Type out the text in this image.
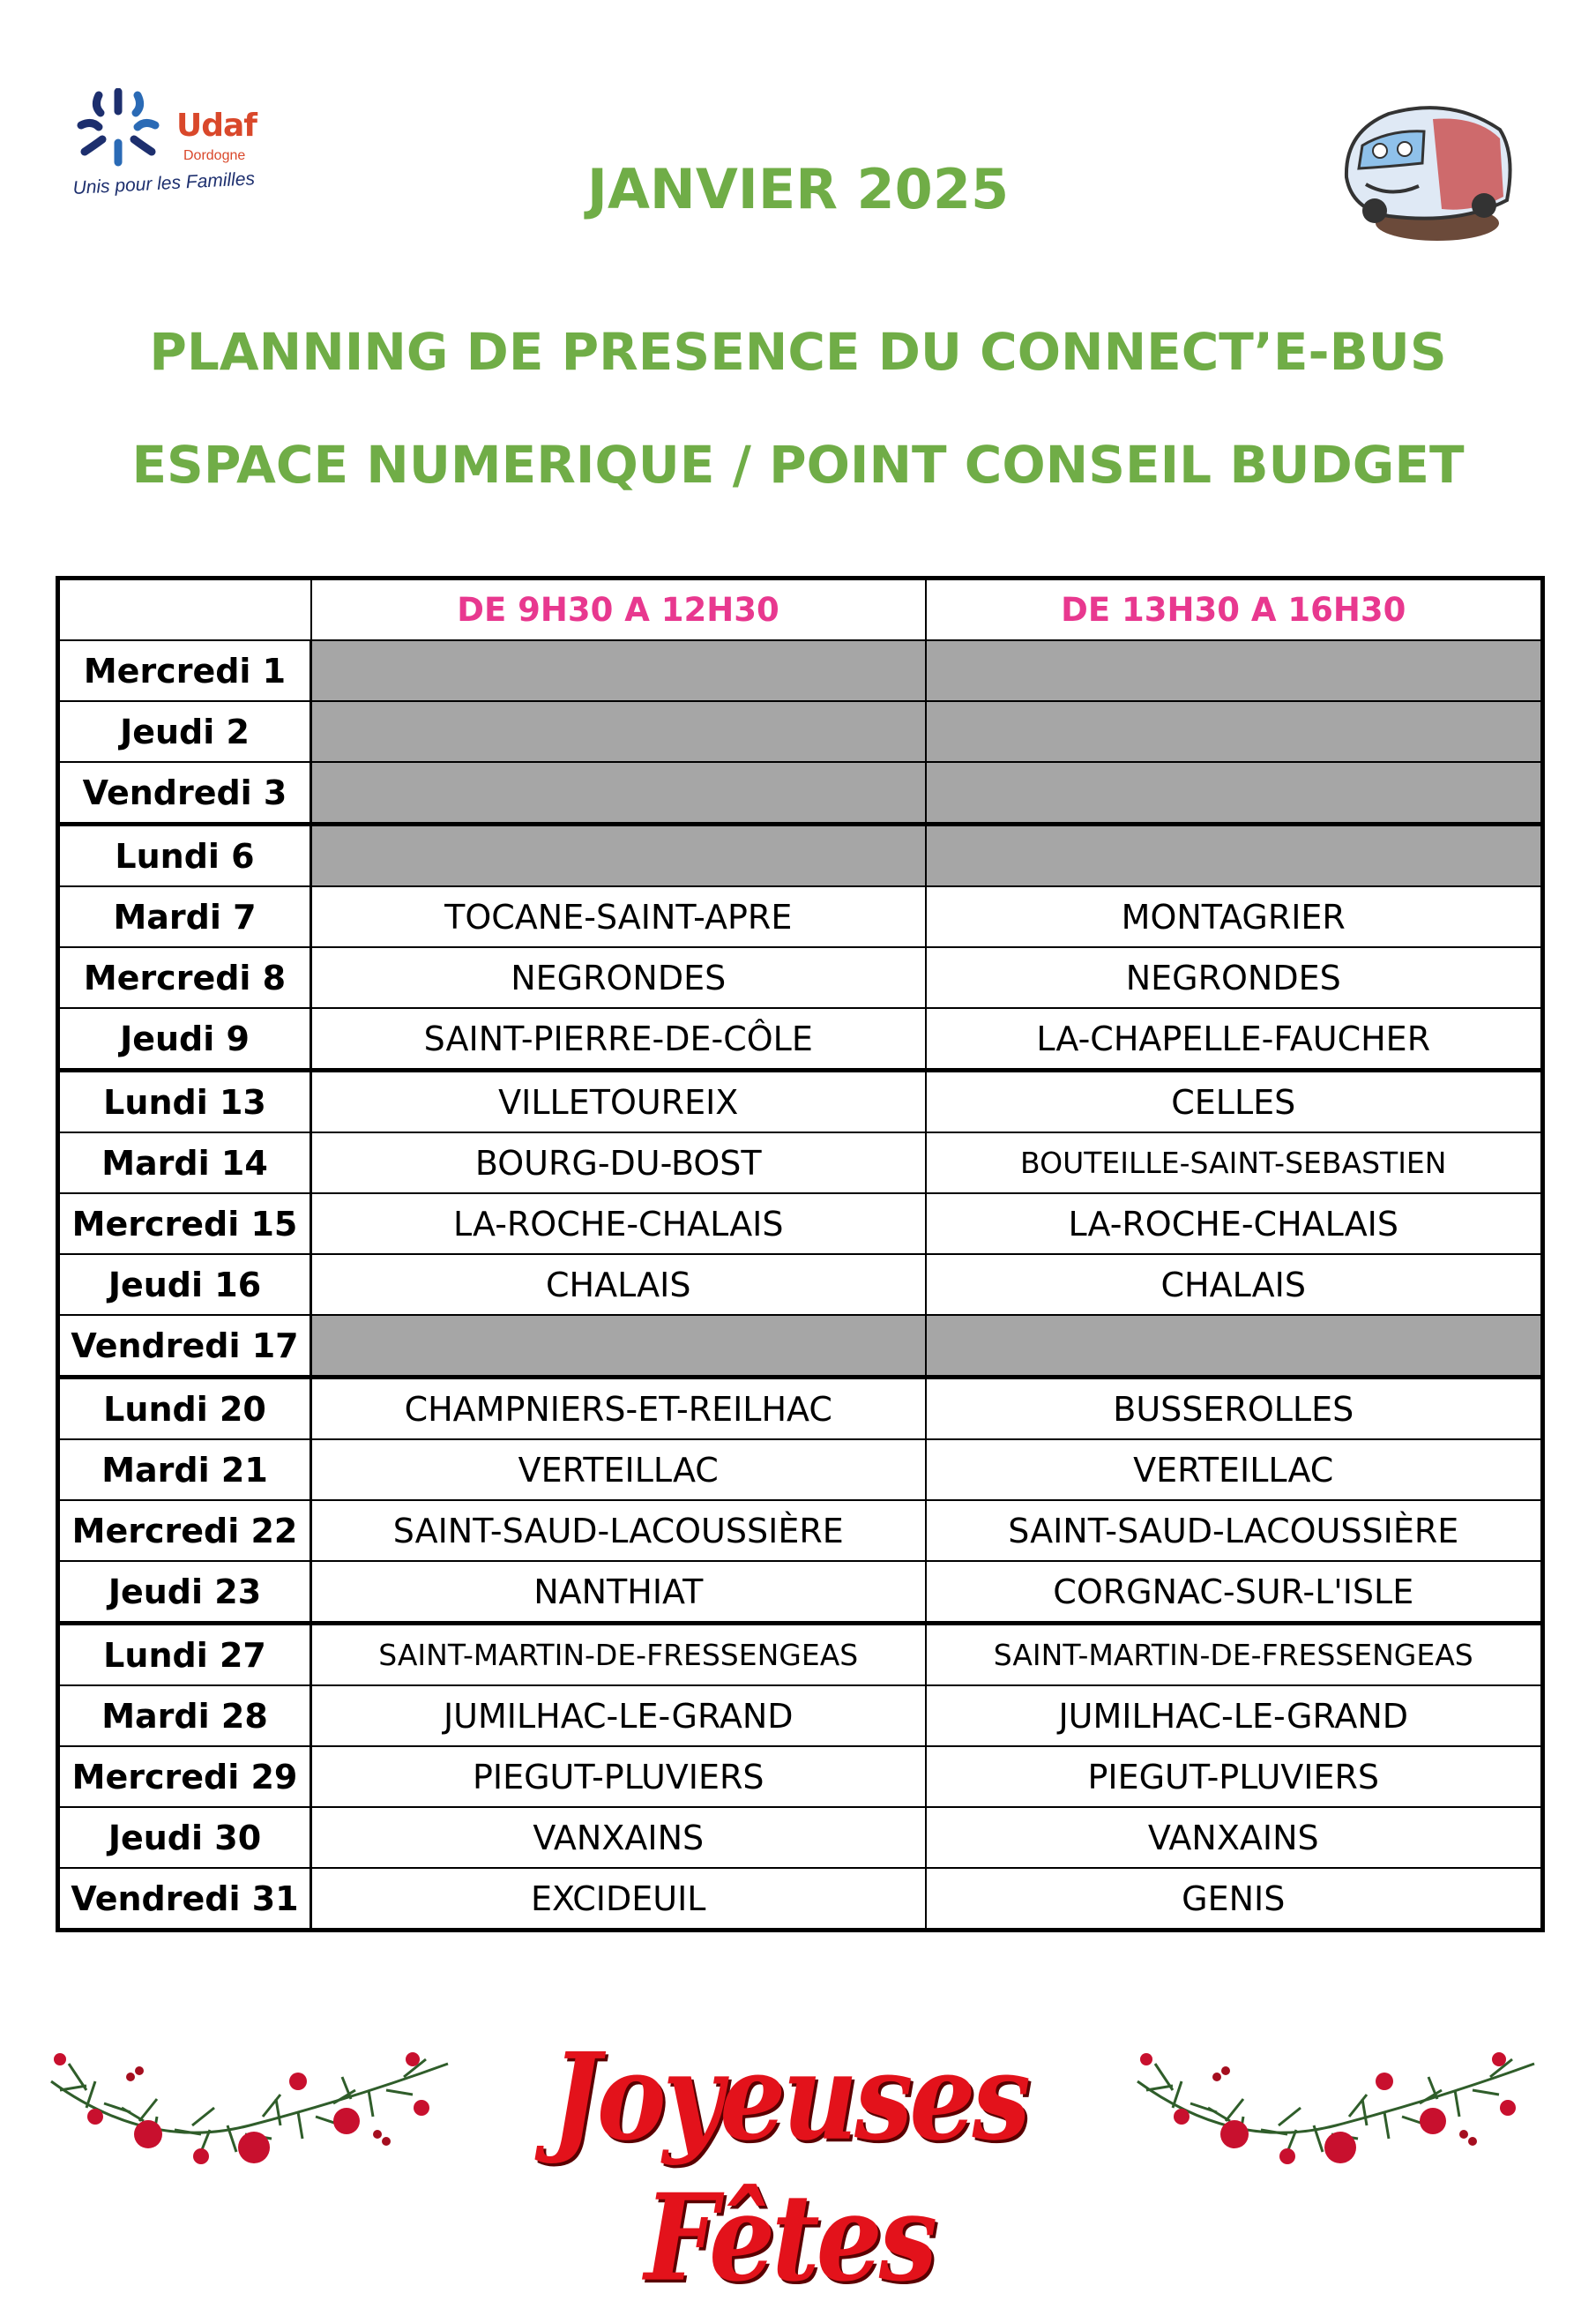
Udaf
Dordogne
Unis pour les Familles	JANVIER 2025
PLANNING DE PRESENCE DU CONNECT’E-BUS
ESPACE NUMERIQUE / POINT CONSEIL BUDGET
	DE 9H30 A 12H30	DE 13H30 A 16H30
Mercredi 1		
Jeudi 2		
Vendredi 3		
Lundi 6		
Mardi 7	TOCANE-SAINT-APRE	MONTAGRIER
Mercredi 8	NEGRONDES	NEGRONDES
Jeudi 9	SAINT-PIERRE-DE-CÔLE	LA-CHAPELLE-FAUCHER
Lundi 13	VILLETOUREIX	CELLES
Mardi 14	BOURG-DU-BOST	BOUTEILLE-SAINT-SEBASTIEN
Mercredi 15	LA-ROCHE-CHALAIS	LA-ROCHE-CHALAIS
Jeudi 16	CHALAIS	CHALAIS
Vendredi 17		
Lundi 20	CHAMPNIERS-ET-REILHAC	BUSSEROLLES
Mardi 21	VERTEILLAC	VERTEILLAC
Mercredi 22	SAINT-SAUD-LACOUSSIÈRE	SAINT-SAUD-LACOUSSIÈRE
Jeudi 23	NANTHIAT	CORGNAC-SUR-L'ISLE
Lundi 27	SAINT-MARTIN-DE-FRESSENGEAS	SAINT-MARTIN-DE-FRESSENGEAS
Mardi 28	JUMILHAC-LE-GRAND	JUMILHAC-LE-GRAND
Mercredi 29	PIEGUT-PLUVIERS	PIEGUT-PLUVIERS
Jeudi 30	VANXAINS	VANXAINS
Vendredi 31	EXCIDEUIL	GENIS
Joyeuses Fêtes
